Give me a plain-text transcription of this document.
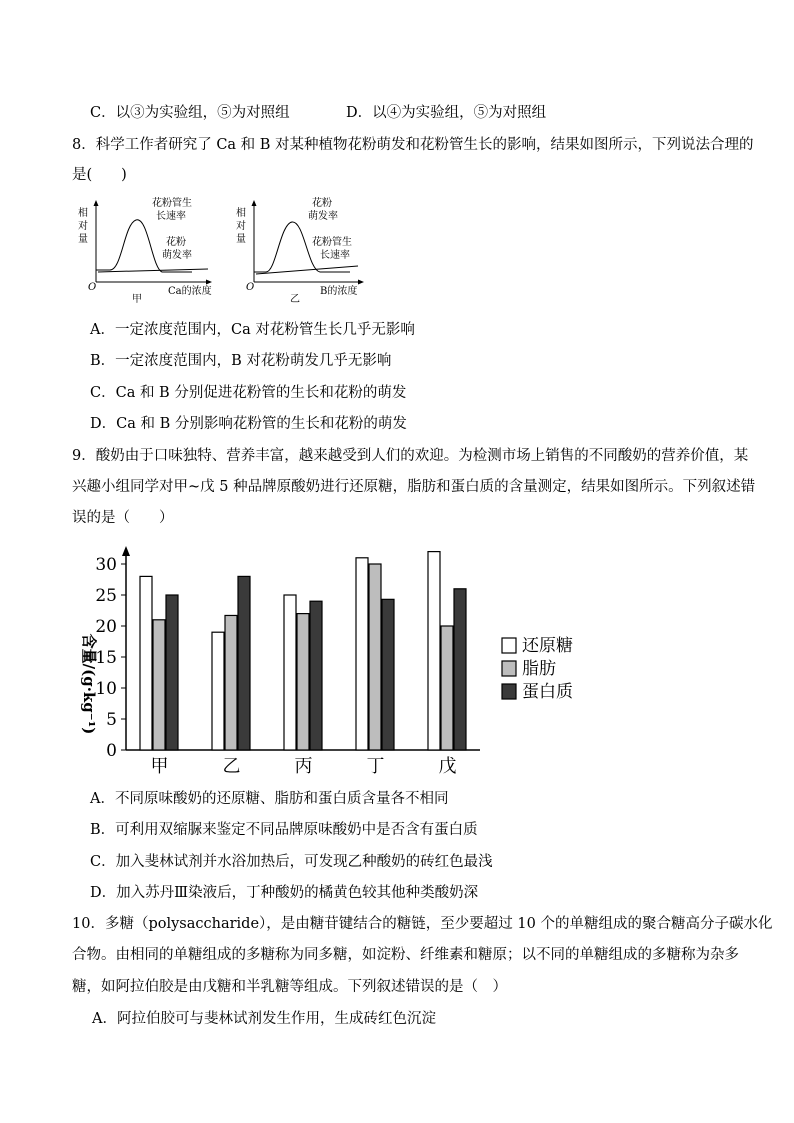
C．以③为实验组，⑤为对照组	D．以④为实验组，⑤为对照组
8．科学工作者研究了 Ca 和 B 对某种植物花粉萌发和花粉管生长的影响，结果如图所示，下列说法合理的
是(　　)
相
对
量
O
花粉管生
长速率
花粉
萌发率
Ca的浓度
甲
相
对
量
O
花粉
萌发率
花粉管生
长速率
B的浓度
乙
A．一定浓度范围内，Ca 对花粉管生长几乎无影响
B．一定浓度范围内，B 对花粉萌发几乎无影响
C．Ca 和 B 分别促进花粉管的生长和花粉的萌发
D．Ca 和 B 分别影响花粉管的生长和花粉的萌发
9．酸奶由于口味独特、营养丰富，越来越受到人们的欢迎。为检测市场上销售的不同酸奶的营养价值，某
兴趣小组同学对甲~戊 5 种品牌原酸奶进行还原糖，脂肪和蛋白质的含量测定，结果如图所示。下列叙述错
误的是（　　）
0
5
10
15
20
25
30
甲	乙	丙	丁	戊
含量/(g·kg⁻¹)	还原糖
脂肪
蛋白质
A．不同原味酸奶的还原糖、脂肪和蛋白质含量各不相同
B．可利用双缩脲来鉴定不同品牌原味酸奶中是否含有蛋白质
C．加入斐林试剂并水浴加热后，可发现乙种酸奶的砖红色最浅
D．加入苏丹Ⅲ染液后，丁种酸奶的橘黄色较其他种类酸奶深
10．多糖（polysaccharide），是由糖苷键结合的糖链，至少要超过 10 个的单糖组成的聚合糖高分子碳水化
合物。由相同的单糖组成的多糖称为同多糖，如淀粉、纤维素和糖原；以不同的单糖组成的多糖称为杂多
糖，如阿拉伯胶是由戊糖和半乳糖等组成。下列叙述错误的是（　）
A．阿拉伯胶可与斐林试剂发生作用，生成砖红色沉淀
